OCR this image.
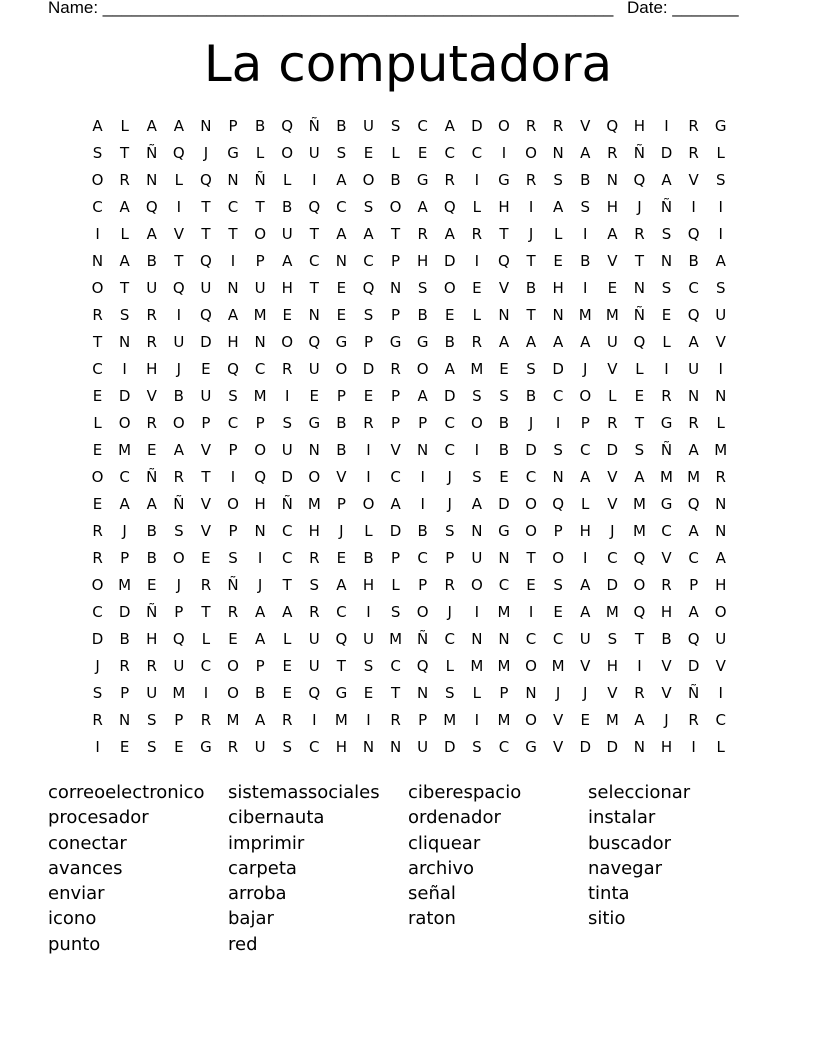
Name: ______________________________________________________ Date: _______
La computadora
A	L	A	A	N	P	B	Q	Ñ	B	U	S	C	A	D	O	R	R	V	Q	H	I	R	G
S	T	Ñ	Q	J	G	L	O	U	S	E	L	E	C	C	I	O	N	A	R	Ñ	D	R	L
O	R	N	L	Q	N	Ñ	L	I	A	O	B	G	R	I	G	R	S	B	N	Q	A	V	S
C	A	Q	I	T	C	T	B	Q	C	S	O	A	Q	L	H	I	A	S	H	J	Ñ	I	I
I	L	A	V	T	T	O	U	T	A	A	T	R	A	R	T	J	L	I	A	R	S	Q	I
N	A	B	T	Q	I	P	A	C	N	C	P	H	D	I	Q	T	E	B	V	T	N	B	A
O	T	U	Q	U	N	U	H	T	E	Q	N	S	O	E	V	B	H	I	E	N	S	C	S
R	S	R	I	Q	A	M	E	N	E	S	P	B	E	L	N	T	N	M M	Ñ	E	Q	U
T	N	R	U	D	H	N	O	Q	G	P	G	G	B	R	A	A	A	A	U	Q	L	A	V
C	I	H	J	E	Q	C	R	U	O	D	R	O	A	M	E	S	D	J	V	L	I	U	I
E	D	V	B	U	S	M	I	E	P	E	P	A	D	S	S	B	C	O	L	E	R	N	N
L	O	R	O	P	C	P	S	G	B	R	P	P	C	O	B	J	I	P	R	T	G	R	L
E	M	E	A	V	P	O	U	N	B	I	V	N	C	I	B	D	S	C	D	S	Ñ	A	M
O	C	Ñ	R	T	I	Q	D	O	V	I	C	I	J	S	E	C	N	A	V	A	M M	R
E	A	A	Ñ	V	O	H	Ñ	M	P	O	A	I	J	A	D	O	Q	L	V	M G	Q	N
R	J	B	S	V	P	N	C	H	J	L	D	B	S	N	G	O	P	H	J	M	C	A	N
R	P	B	O	E	S	I	C	R	E	B	P	C	P	U	N	T	O	I	C	Q	V	C	A
O M	E	J	R	Ñ	J	T	S	A	H	L	P	R	O	C	E	S	A	D	O	R	P	H
C	D	Ñ	P	T	R	A	A	R	C	I	S	O	J	I	M	I	E	A	M Q	H	A	O
D	B	H	Q	L	E	A	L	U	Q	U	M	Ñ	C	N	N	C	C	U	S	T	B	Q	U
J	R	R	U	C	O	P	E	U	T	S	C	Q	L	M M O M	V	H	I	V	D	V
S	P	U	M	I	O	B	E	Q	G	E	T	N	S	L	P	N	J	J	V	R	V	Ñ	I
R	N	S	P	R	M	A	R	I	M	I	R	P	M	I	M O	V	E	M	A	J	R	C
I	E	S	E	G	R	U	S	C	H	N	N	U	D	S	C	G	V	D	D	N	H	I	L
correoelectronico	sistemassociales	ciberespacio	seleccionar
procesador	cibernauta	ordenador	instalar
conectar	imprimir	cliquear	buscador
avances	carpeta	archivo	navegar
enviar	arroba	señal	tinta
icono	bajar	raton	sitio
punto	red
